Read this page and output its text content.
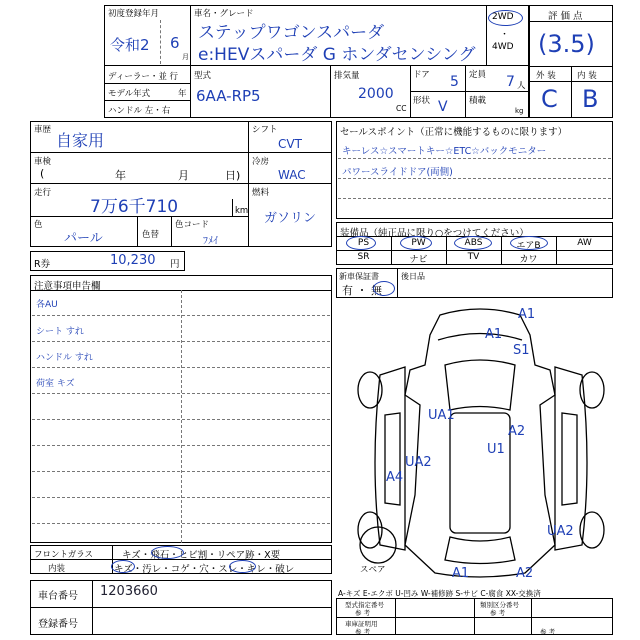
初度登録年月
令和2 6
月
車名・グレード
ステップワゴンスパーダ
e:HEVスパーダ G ホンダセンシング
2WD
・
4WD
ディーラー・並 行
モデル年式	年
ハンドル 左・右
型式
6AA-RP5
排気量
2000
CC
ドア 5
形状 V
定員 7 人
積載
kg
評 価 点
(3.5)
外 装	内 装
C B
車歴
自家用
車検
(	年	月	日)
走行
7万6千710	km
色
パール	色替
色コード
ﾌﾒｲ
シフト
CVT
冷房
WAC
燃料
ガソリン
R券	10,230 円
セールスポイント（正常に機能するものに限ります）
キーレス☆スマートキー☆ETC☆バックモニター
パワースライドドア(両側)
装備品（純正品に限り○をつけてください）
PS	PW	ABS	エアB	AW
SR	ナビ	TV	カワ
新車保証書
有 ・ 無
後日品
注意事項申告欄
各AU
シート すれ
ハンドル すれ
荷室 キズ
フロントガラス	キズ・飛石・ヒビ割・リペア跡・X要
内装	キズ・汚レ・コゲ・穴・スレ・キレ・破レ
車台番号 1203660
登録番号
A1
A1
S1
UA1
A2
U1
UA2
A4
UA2
A1	A2
スペア
A-キズ E-エクボ U-凹み W-補修跡 S-サビ C-腐食 XX-交換済
型式指定番号
参 考
類別区分番号
参 考
車庫証明用
参 考	参 考
